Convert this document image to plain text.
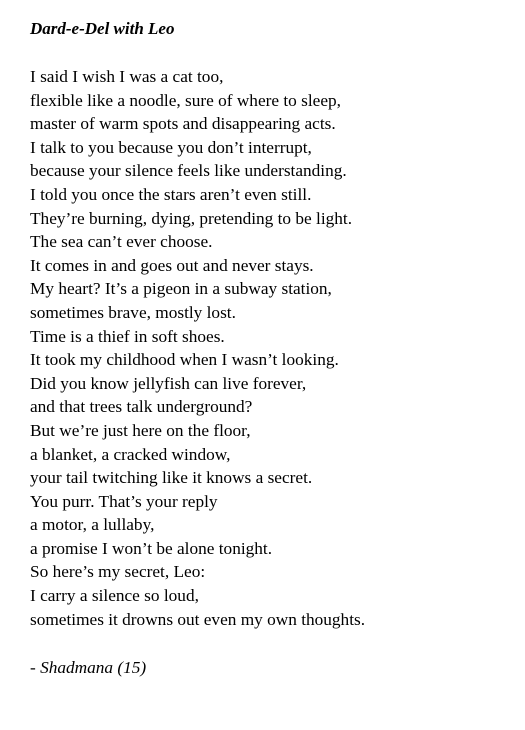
Dard-e-Del with Leo
I said I wish I was a cat too,
flexible like a noodle, sure of where to sleep,
master of warm spots and disappearing acts.
I talk to you because you don’t interrupt,
because your silence feels like understanding.
I told you once the stars aren’t even still.
They’re burning, dying, pretending to be light.
The sea can’t ever choose.
It comes in and goes out and never stays.
My heart? It’s a pigeon in a subway station,
sometimes brave, mostly lost.
Time is a thief in soft shoes.
It took my childhood when I wasn’t looking.
Did you know jellyfish can live forever,
and that trees talk underground?
But we’re just here on the floor,
a blanket, a cracked window,
your tail twitching like it knows a secret.
You purr. That’s your reply
a motor, a lullaby,
a promise I won’t be alone tonight.
So here’s my secret, Leo:
I carry a silence so loud,
sometimes it drowns out even my own thoughts.
- Shadmana (15)
